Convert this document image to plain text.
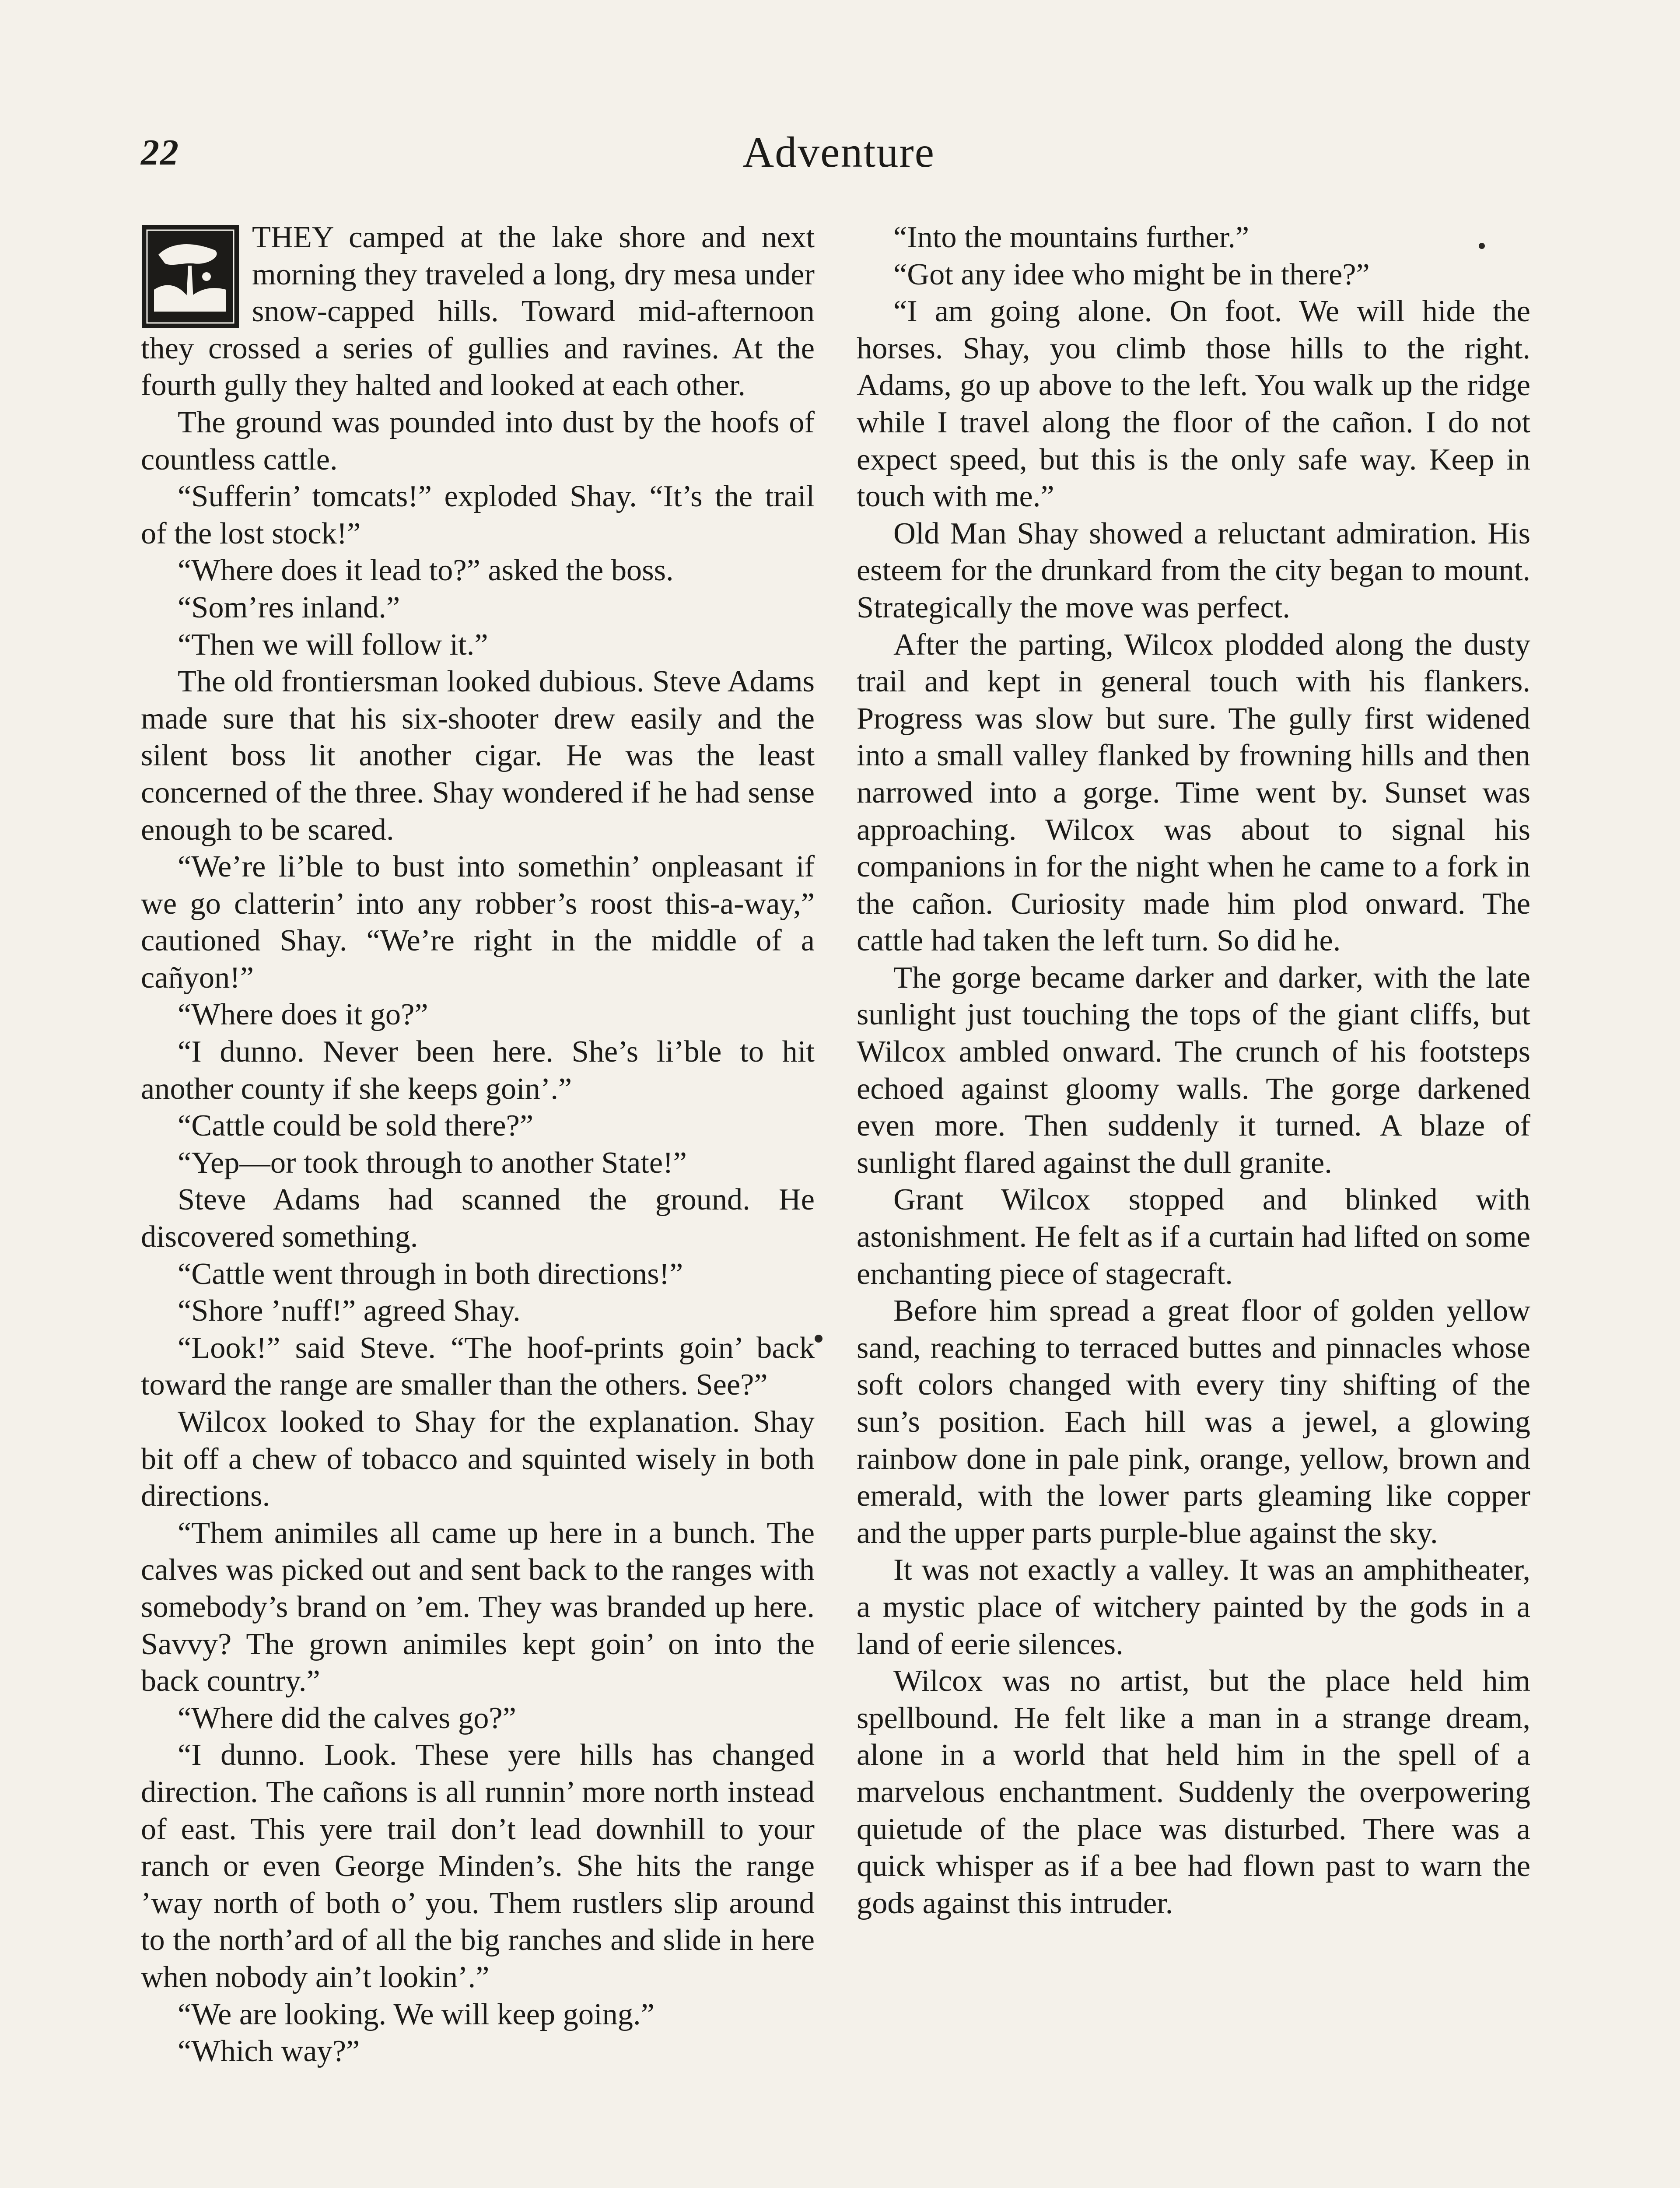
22	Adventure

THEY camped at the lake shore and next morning they traveled a long, dry mesa under snow-capped hills. Toward mid-afternoon they crossed a series of gullies and ravines. At the fourth gully they halted and looked at each other.

The ground was pounded into dust by the hoofs of countless cattle.

“Sufferin’ tomcats!” exploded Shay. “It’s the trail of the lost stock!”

“Where does it lead to?” asked the boss.

“Som’res inland.”

“Then we will follow it.”

The old frontiersman looked dubious. Steve Adams made sure that his six-shooter drew easily and the silent boss lit another cigar. He was the least concerned of the three. Shay wondered if he had sense enough to be scared.

“We’re li’ble to bust into somethin’ onpleasant if we go clatterin’ into any robber’s roost this-a-way,” cautioned Shay. “We’re right in the middle of a cañyon!”

“Where does it go?”

“I dunno. Never been here. She’s li’ble to hit another county if she keeps goin’.”

“Cattle could be sold there?”

“Yep—or took through to another State!”

Steve Adams had scanned the ground. He discovered something.

“Cattle went through in both directions!”

“Shore ’nuff!” agreed Shay.

“Look!” said Steve. “The hoof-prints goin’ back toward the range are smaller than the others. See?”

Wilcox looked to Shay for the explanation. Shay bit off a chew of tobacco and squinted wisely in both directions.

“Them animiles all came up here in a bunch. The calves was picked out and sent back to the ranges with somebody’s brand on ’em. They was branded up here. Savvy? The grown animiles kept goin’ on into the back country.”

“Where did the calves go?”

“I dunno. Look. These yere hills has changed direction. The cañons is all runnin’ more north instead of east. This yere trail don’t lead downhill to your ranch or even George Minden’s. She hits the range ’way north of both o’ you. Them rustlers slip around to the north’ard of all the big ranches and slide in here when nobody ain’t lookin’.”

“We are looking. We will keep going.”

“Which way?”

“Into the mountains further.”

“Got any idee who might be in there?”

“I am going alone. On foot. We will hide the horses. Shay, you climb those hills to the right. Adams, go up above to the left. You walk up the ridge while I travel along the floor of the cañon. I do not expect speed, but this is the only safe way. Keep in touch with me.”

Old Man Shay showed a reluctant admiration. His esteem for the drunkard from the city began to mount. Strategically the move was perfect.

After the parting, Wilcox plodded along the dusty trail and kept in general touch with his flankers. Progress was slow but sure. The gully first widened into a small valley flanked by frowning hills and then narrowed into a gorge. Time went by. Sunset was approaching. Wilcox was about to signal his companions in for the night when he came to a fork in the cañon. Curiosity made him plod onward. The cattle had taken the left turn. So did he.

The gorge became darker and darker, with the late sunlight just touching the tops of the giant cliffs, but Wilcox ambled onward. The crunch of his footsteps echoed against gloomy walls. The gorge darkened even more. Then suddenly it turned. A blaze of sunlight flared against the dull granite.

Grant Wilcox stopped and blinked with astonishment. He felt as if a curtain had lifted on some enchanting piece of stagecraft.

Before him spread a great floor of golden yellow sand, reaching to terraced buttes and pinnacles whose soft colors changed with every tiny shifting of the sun’s position. Each hill was a jewel, a glowing rainbow done in pale pink, orange, yellow, brown and emerald, with the lower parts gleaming like copper and the upper parts purple-blue against the sky.

It was not exactly a valley. It was an amphitheater, a mystic place of witchery painted by the gods in a land of eerie silences.

Wilcox was no artist, but the place held him spellbound. He felt like a man in a strange dream, alone in a world that held him in the spell of a marvelous enchantment. Suddenly the overpowering quietude of the place was disturbed. There was a quick whisper as if a bee had flown past to warn the gods against this intruder.
